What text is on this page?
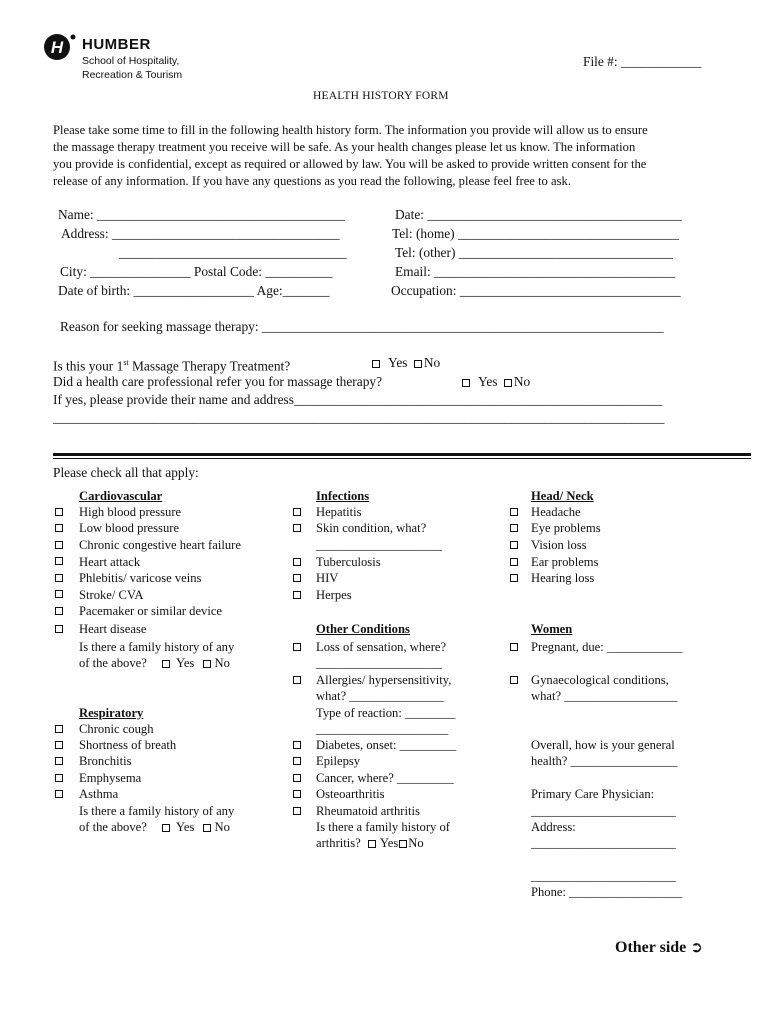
H HUMBER
School of Hospitality,
Recreation & Tourism
File #: ____________
HEALTH HISTORY FORM
Please take some time to fill in the following health history form. The information you provide will allow us to ensure
the massage therapy treatment you receive will be safe. As your health changes please let us know. The information
you provide is confidential, except as required or allowed by law. You will be asked to provide written consent for the
release of any information. If you have any questions as you read the following, please feel free to ask.
Name: _____________________________________
Address: __________________________________
__________________________________
City: _______________ Postal Code: __________
Date of birth: __________________ Age:_______
Date: ______________________________________
Tel: (home) _________________________________
Tel: (other) ________________________________
Email: ____________________________________
Occupation: _________________________________
Reason for seeking massage therapy: ____________________________________________________________
Is this your 1st Massage Therapy Treatment?	Yes No
Did a health care professional refer you for massage therapy?	Yes No
If yes, please provide their name and address_______________________________________________________
____________________________________________________________________________________________
Please check all that apply:
Cardiovascular
High blood pressure
Low blood pressure
Chronic congestive heart failure
Heart attack
Phlebitis/ varicose veins
Stroke/ CVA
Pacemaker or similar device
Heart disease
Is there a family history of any
of the above? Yes No
Respiratory
Chronic cough
Shortness of breath
Bronchitis
Emphysema
Asthma
Is there a family history of any
of the above? Yes No
Infections
Hepatitis
Skin condition, what?
____________________
Tuberculosis
HIV
Herpes
Other Conditions
Loss of sensation, where?
____________________
Allergies/ hypersensitivity,
what? _______________
Type of reaction: ________
_____________________
Diabetes, onset: _________
Epilepsy
Cancer, where? _________
Osteoarthritis
Rheumatoid arthritis
Is there a family history of
arthritis? Yes No
Head/ Neck
Headache
Eye problems
Vision loss
Ear problems
Hearing loss
Women
Pregnant, due: ____________
Gynaecological conditions,
what? __________________
Overall, how is your general
health? _________________
Primary Care Physician:
_______________________
Address:
_______________________
_______________________
Phone: __________________
Other side ➲
